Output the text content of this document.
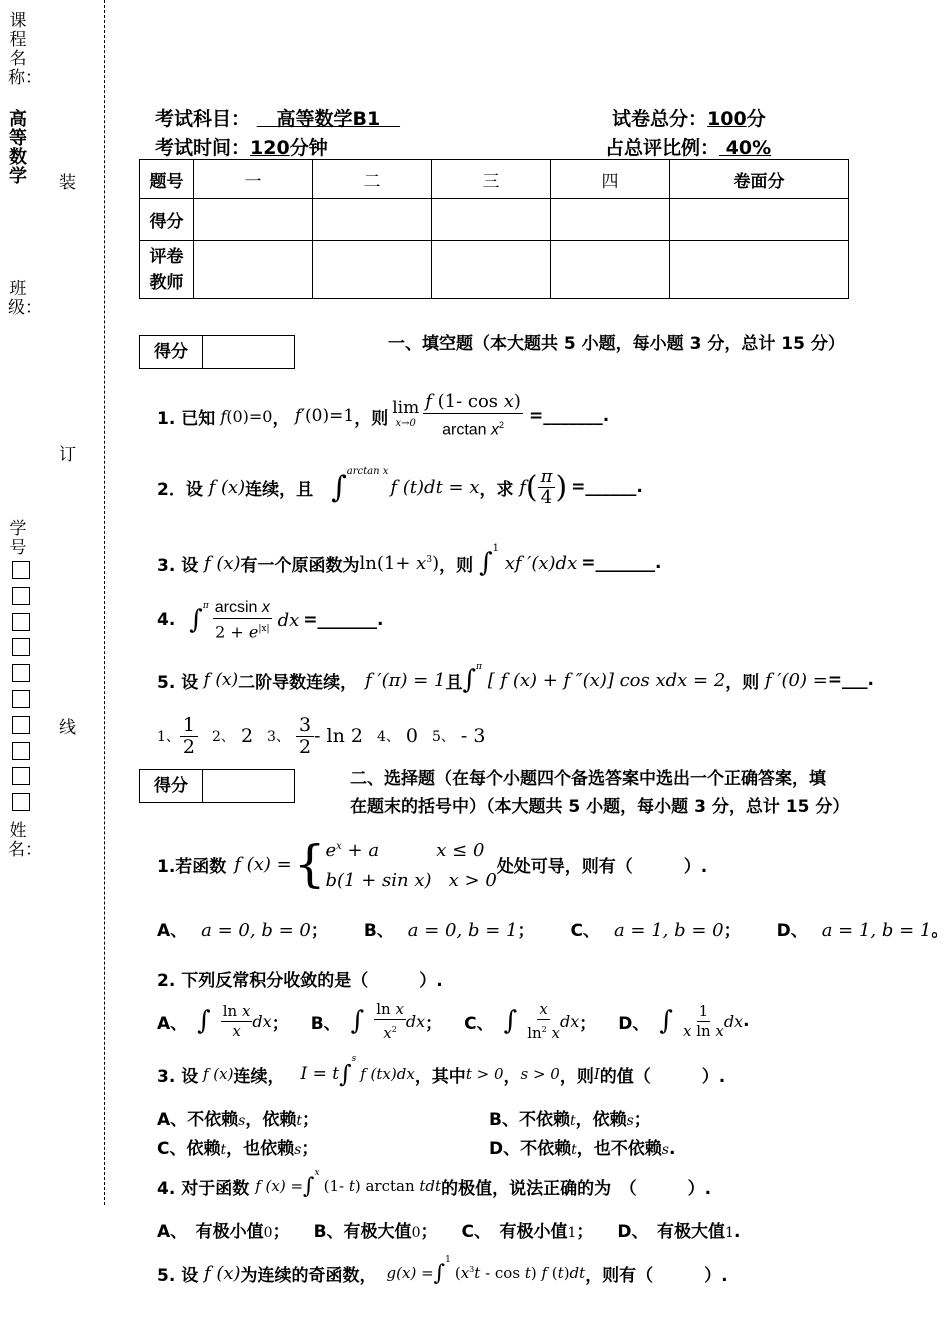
课程名称：
高等数学
班级：
学号
姓名：
装
订
线
考试科目： 高等数学B1	试卷总分：100分
考试时间：120分钟	占总评比例： 40%
题号	一	二	三	四	卷面分
得分					
评卷教师					
得分	一、填空题（本大题共 5 小题，每小题 3 分，总计 15 分）
1. 已知 f(0)=0 ， f′(0)=1 ，则
lim
$x\to 0 \frac{\text{f (1- cos x)}}{\arctan x^2}$ =_______.
2．设 f (x) 连续，且 ∫ arctan x
f (t)dt = x ，求 f ( π
4 ) =______.
3. 设 f (x) 有一个原函数为 $\ln(1+ x^3)$ ，则 ∫ 1
xf ′(x)dx =_______.
4. ∫ π arcsin x
$2 + e^{|x|}$ dx =_______.
5. 设 f (x) 二阶导数连续， f ′(π) = 1 且 ∫ π
[ f (x) + f ″(x)] cos xdx = 2 ，则 f ′(0) = =___.
1、
1
2 2、 2 3、
3
2 - ln 2 4、 0 5、 - 3
得分	二、选择题（在每个小题四个备选答案中选出一个正确答案，填
在题末的括号中）（本大题共 5 小题，每小题 3 分，总计 15 分）
1.若函数 f (x) = { $e^x + a$          x ≤ 0
b(1 + sin x)   x > 0
处处可导，则有（　　　）.
A、 a = 0, b = 0； B、 a = 0, b = 1； C、 a = 1, b = 0； D、 a = 1, b = 1。
2. 下列反常积分收敛的是（　　　）.
A、 ∫ ln x
x dx ； B、 ∫ ln x
$x^2$ dx ； C、 ∫ x
$\ln^2 x$
dx ； D、 ∫ 1
x ln x dx .
3. 设 f (x) 连续， I = t ∫
s
f (tx)dx ，其中 t > 0 ， s > 0 ，则 I 的值（　　　）.
A、不依赖s，依赖t；	B、不依赖t，依赖s；
C、依赖t，也依赖s；	D、不依赖t，也不依赖s.
4. 对于函数 f (x) = ∫
x
(1- t) arctan tdt 的极值，说法正确的为　（　　　）.
A、　有极小值0； B、有极大值0； C、　有极小值1； D、　有极大值1.
5. 设 f (x) 为连续的奇函数， g(x) = ∫
1
($x^3t$ - cos t) f (t)dt ，则有（　　　）.
